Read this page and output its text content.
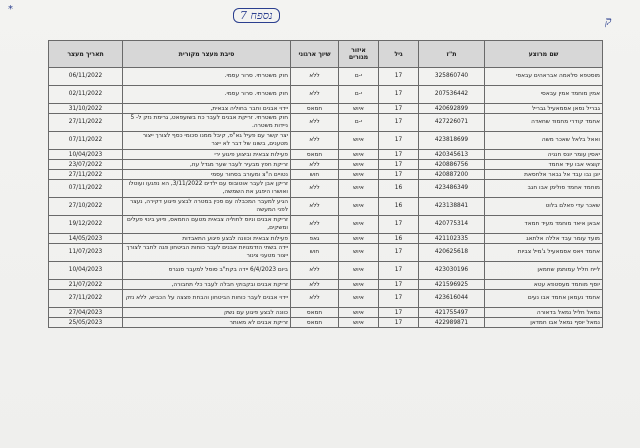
*	נספח 7	ק
שם מרוצע	ת"ז	גיל	איזור מגורים	שיוך ארגוני	סיבת מעצר מקורית	תאריך מעצר
מוסטפא סלאמה אבראהים עבאסי	325860740	17	י-ם	ללא	חוק משטרתי. סרור עסמי.	06/11/2022
אמין מוחמד אמין עבאסי	207536442	17	י-ם	ללא	חוק משטרתי. סרור עסמי.	02/11/2022
גבריל נסאן אסמאעיל גבריל	420692899	17	איוש	חמאס	יידוי אבנים וחבר בחוליה צבאית,	31/10/2022
אחמד קודרי מחמוד שחאדה	427226071	17	י-ם	ללא	חוק משטרתי. זריקת אבנים לעבר כח בשועפאט, גרימת נזק ל- 5 ניידות משטרה.	27/11/2022
ואאל בלאל שאכר משה	423818699	17	איוש	ללא	יצר קשר עם פעיל גא"פ, קיבל ממנו סכומי כסף לצורך ייצור מטענים, בשונו של דבר לא ייצר	07/11/2022
יאסין עומר יונס חנניה	420345613	17	איוש	חמאס	פעילות צבאית וביצוע פיגוע ירי	10/04/2023
קוצאי אבו עיד אחמד	420886756	17	איוש	ללא	זריקת חפץ מבעיר לעבר שער מגדל עוז,	23/07/2022
יונן נבו עבד אל גבאר אלחסאת	420887200	17	איוש	חוש	נטויים ה"צ ומעורב בסחור עסמי	27/11/2022
מוחמד אחמד סולימן אבו חגב	423486349	16	איוש	ללא	זריקן אבן לעבר אוטובוס עם ילדים 3/11/2022, הא נפגעו ועוטלו ואושרו היפגע את השמשה,	07/11/2022
שאכר עדי פאלם בלוט	423138841	16	איוש	ללא	הגיע למעבר המכבלה עם סכין במטרה לבצע פיגוע דקירה, נעצר לפני המעשה	27/10/2022
אבאן איאד מוחמד מעיד חמאד	420775314	17	איוש	ללא	זריקת אבנים וניוס לחוליה צבאית מטעם החמאס, פיוע בינוי פעלים ומשקים,	19/12/2022
מועד עומר עבד אללה אלתאג	421102335	16	איוש	גאפ	פעילות צבאית וכוונה לבצע פיגוע התאבדות	14/05/2023
אחמד ויאס אסמאעיל ג'מיל צביות	420625618	17	איוש	חוש	יידה בשתי הזדמנויות אבנים לעבר כוחות הביטחון פגה לחבר לצורך ייצור מטעני צינור	11/07/2023
לייח חליל עמותמן שחמאן	423030196	17	איוש	ללא	ביום 6/4/2023 יידה בקת"ב סוסל למעבר סנגרס	10/04/2023
יוסף מוחמד מעסטפא עטא	421596925	17	איוש	ללא	זריקת אבנים ובקבוקי חבלה לעבר כלי תחבורה,	21/07/2022
אחמד נעמאן אחמד אבו נעים	423616044	17	איוש	ללא	יידוי אבנים לעבר כוחות הביטחון והבחת פצצה על הכביש, ללא נזק	27/11/2022
נמאל חליל נמאל בדאורה	421755497	17	איוש	חמאס	כוונה לבצע פיגוע עם נשק	27/04/2023
נמאל יוסף נמאל אבו חמדאן	422989871	17	איוש	חמאס	זריקת אבנים לא מאותר	25/05/2023
